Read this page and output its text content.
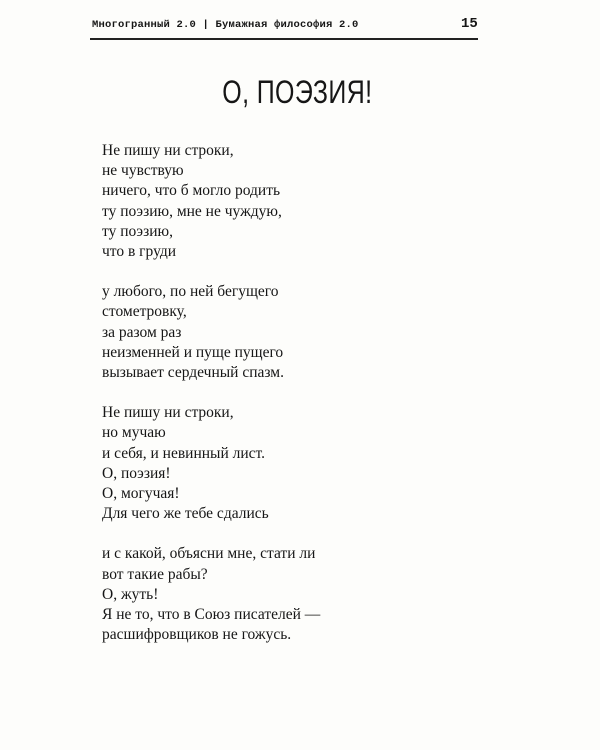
Многогранный 2.0 | Бумажная философия 2.0	15
О, ПОЭЗИЯ!
Не пишу ни строки,
не чувствую
ничего, что б могло родить
ту поэзию, мне не чуждую,
ту поэзию,
что в груди
у любого, по ней бегущего
стометровку,
за разом раз
неизменней и пуще пущего
вызывает сердечный спазм.
Не пишу ни строки,
но мучаю
и себя, и невинный лист.
О, поэзия!
О, могучая!
Для чего же тебе сдались
и с какой, объясни мне, стати ли
вот такие рабы?
О, жуть!
Я не то, что в Союз писателей —
расшифровщиков не гожусь.
